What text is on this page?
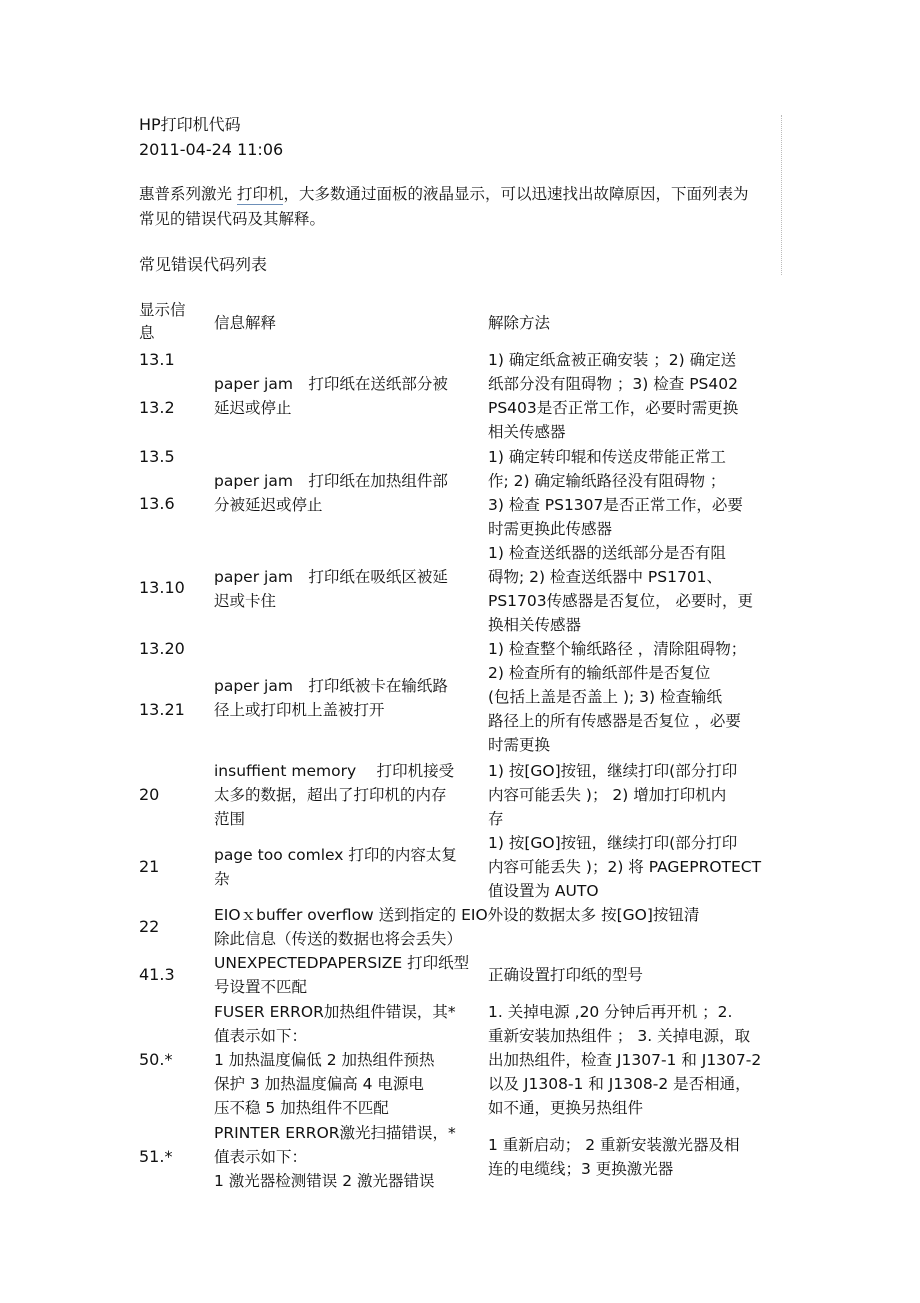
HP打印机代码
2011-04-24 11:06
惠普系列激光 打印机，大多数通过面板的液晶显示，可以迅速找出故障原因，下面列表为常见的错误代码及其解释。
常见错误代码列表
显示信息
信息解释	解除方法
13.1
13.2
paper jam　打印纸在送纸部分被
延迟或停止
1) 确定纸盒被正确安装 ；2) 确定送
纸部分没有阻碍物 ；3) 检查 PS402
PS403是否正常工作，必要时需更换
相关传感器
13.5
13.6
paper jam　打印纸在加热组件部
分被延迟或停止
1) 确定转印辊和传送皮带能正常工
作; 2) 确定输纸路径没有阻碍物 ；
3) 检查 PS1307是否正常工作，必要
时需更换此传感器
13.10
paper jam　打印纸在吸纸区被延
迟或卡住
1) 检查送纸器的送纸部分是否有阻
碍物; 2) 检查送纸器中 PS1701、
PS1703传感器是否复位， 必要时，更
换相关传感器
13.20
13.21
paper jam　打印纸被卡在输纸路
径上或打印机上盖被打开
1) 检查整个输纸路径 ，清除阻碍物；
2) 检查所有的输纸部件是否复位
(包括上盖是否盖上 ); 3) 检查输纸
路径上的所有传感器是否复位 ，必要
时需更换
20
insuffient memory　 打印机接受
太多的数据，超出了打印机的内存
范围
1) 按[GO]按钮，继续打印(部分打印
内容可能丢失 )； 2) 增加打印机内
存
21
page too comlex 打印的内容太复
杂
1) 按[GO]按钮，继续打印(部分打印
内容可能丢失 )；2) 将 PAGEPROTECT
值设置为 AUTO
22
EIOｘbuffer overflow 送到指定的 EIO外设的数据太多 按[GO]按钮清
除此信息（传送的数据也将会丢失）
41.3
UNEXPECTEDPAPERSIZE 打印纸型
号设置不匹配
正确设置打印纸的型号
50.*
FUSER ERROR加热组件错误，其*
值表示如下：
1 加热温度偏低 2 加热组件预热
保护 3 加热温度偏高 4 电源电
压不稳 5 加热组件不匹配
1. 关掉电源 ,20 分钟后再开机 ；2.
重新安装加热组件 ； 3. 关掉电源，取
出加热组件，检查 J1307-1 和 J1307-2
以及 J1308-1 和 J1308-2 是否相通，
如不通，更换另热组件
51.*
PRINTER ERROR激光扫描错误，*
值表示如下：
1 激光器检测错误 2 激光器错误
1 重新启动； 2 重新安装激光器及相
连的电缆线；3 更换激光器
